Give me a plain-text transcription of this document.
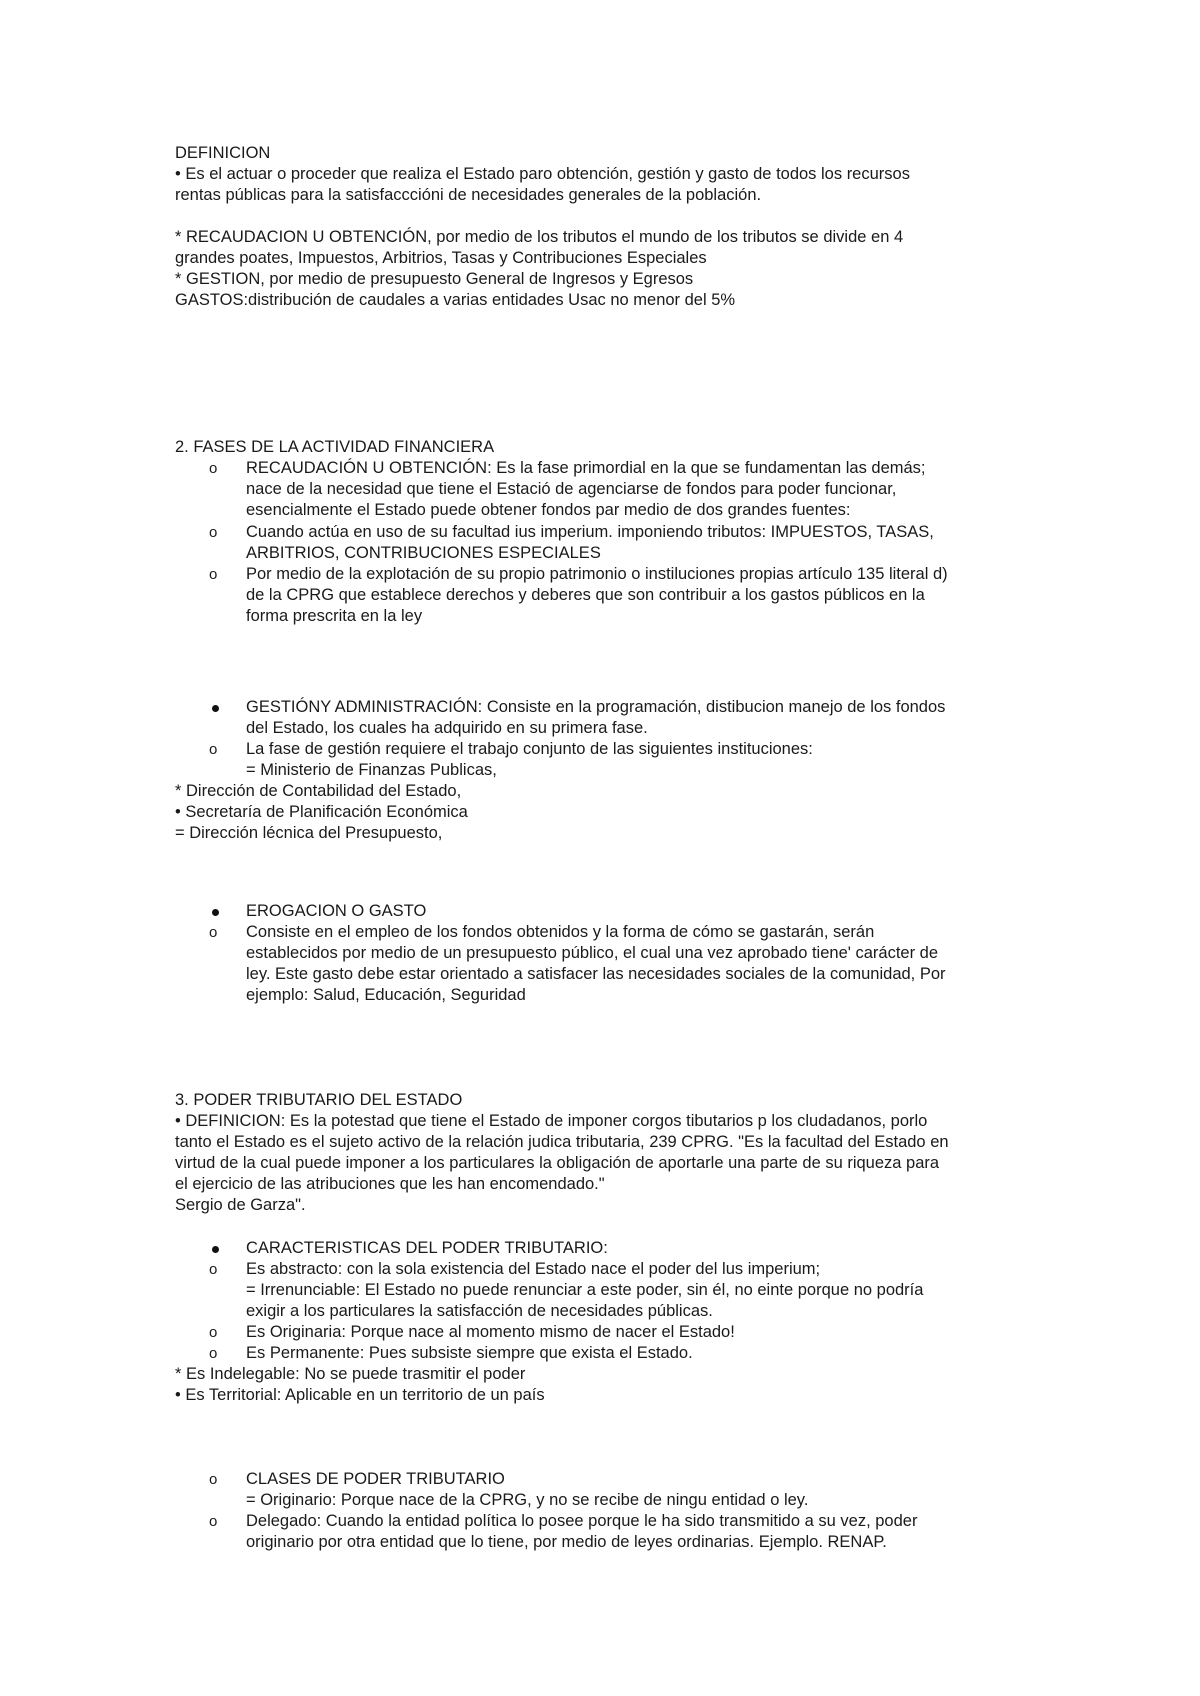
DEFINICION
• Es el actuar o proceder que realiza el Estado paro obtención, gestión y gasto de todos los recursos
rentas públicas para la satisfacccióni de necesidades generales de la población.
* RECAUDACION U OBTENCIÓN, por medio de los tributos el mundo de los tributos se divide en 4
grandes poates, Impuestos, Arbitrios, Tasas y Contribuciones Especiales
* GESTION, por medio de presupuesto General de Ingresos y Egresos
GASTOS:distribución de caudales a varias entidades Usac no menor del 5%
2. FASES DE LA ACTIVIDAD FINANCIERA
o RECAUDACIÓN U OBTENCIÓN: Es la fase primordial en la que se fundamentan las demás;
nace de la necesidad que tiene el Estació de agenciarse de fondos para poder funcionar,
esencialmente el Estado puede obtener fondos par medio de dos grandes fuentes:
o Cuando actúa en uso de su facultad ius imperium. imponiendo tributos: IMPUESTOS, TASAS,
ARBITRIOS, CONTRIBUCIONES ESPECIALES
o Por medio de la explotación de su propio patrimonio o instiluciones propias artículo 135 literal d)
de la CPRG que establece derechos y deberes que son contribuir a los gastos públicos en la
forma prescrita en la ley
GESTIÓNY ADMINISTRACIÓN: Consiste en la programación, distibucion manejo de los fondos
del Estado, los cuales ha adquirido en su primera fase.
o La fase de gestión requiere el trabajo conjunto de las siguientes instituciones:
= Ministerio de Finanzas Publicas,
* Dirección de Contabilidad del Estado,
• Secretaría de Planificación Económica
= Dirección lécnica del Presupuesto,
EROGACION O GASTO
o Consiste en el empleo de los fondos obtenidos y la forma de cómo se gastarán, serán
establecidos por medio de un presupuesto público, el cual una vez aprobado tiene' carácter de
ley. Este gasto debe estar orientado a satisfacer las necesidades sociales de la comunidad, Por
ejemplo: Salud, Educación, Seguridad
3. PODER TRIBUTARIO DEL ESTADO
• DEFINICION: Es la potestad que tiene el Estado de imponer corgos tibutarios p los cludadanos, porlo
tanto el Estado es el sujeto activo de la relación judica tributaria, 239 CPRG. "Es la facultad del Estado en
virtud de la cual puede imponer a los particulares la obligación de aportarle una parte de su riqueza para
el ejercicio de las atribuciones que les han encomendado."
Sergio de Garza".
CARACTERISTICAS DEL PODER TRIBUTARIO:
o Es abstracto: con la sola existencia del Estado nace el poder del lus imperium;
= Irrenunciable: El Estado no puede renunciar a este poder, sin él, no einte porque no podría
exigir a los particulares la satisfacción de necesidades públicas.
o Es Originaria: Porque nace al momento mismo de nacer el Estado!
o Es Permanente: Pues subsiste siempre que exista el Estado.
* Es Indelegable: No se puede trasmitir el poder
• Es Territorial: Aplicable en un territorio de un país
o CLASES DE PODER TRIBUTARIO
= Originario: Porque nace de la CPRG, y no se recibe de ningu entidad o ley.
o Delegado: Cuando la entidad política lo posee porque le ha sido transmitido a su vez, poder
originario por otra entidad que lo tiene, por medio de leyes ordinarias. Ejemplo. RENAP.
